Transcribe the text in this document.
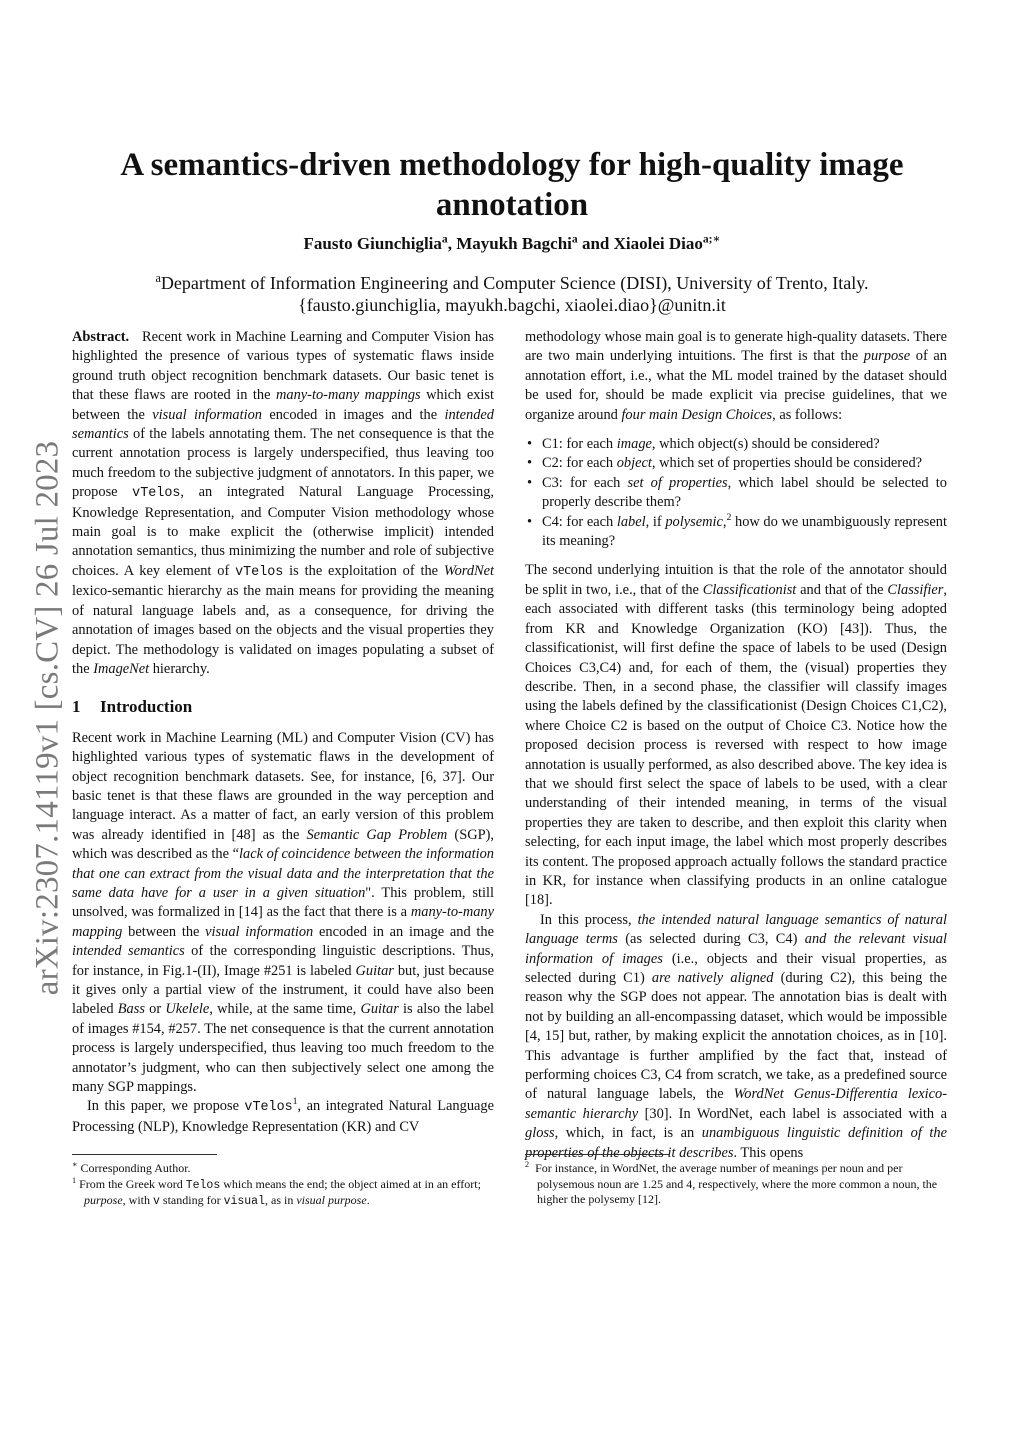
arXiv:2307.14119v1 [cs.CV] 26 Jul 2023
A semantics-driven methodology for high-quality image annotation
Fausto Giunchiglia$^a$, Mayukh Bagchi$^a$ and Xiaolei Diao$^{a;∗}$
$^a$Department of Information Engineering and Computer Science (DISI), University of Trento, Italy.
{fausto.giunchiglia, mayukh.bagchi, xiaolei.diao}@unitn.it

Abstract. Recent work in Machine Learning and Computer Vision has highlighted the presence of various types of systematic flaws inside ground truth object recognition benchmark datasets. Our basic tenet is that these flaws are rooted in the many-to-many mappings which exist between the visual information encoded in images and the intended semantics of the labels annotating them. The net consequence is that the current annotation process is largely underspecified, thus leaving too much freedom to the subjective judgment of annotators. In this paper, we propose vTelos, an integrated Natural Language Processing, Knowledge Representation, and Computer Vision methodology whose main goal is to make explicit the (otherwise implicit) intended annotation semantics, thus minimizing the number and role of subjective choices. A key element of vTelos is the exploitation of the WordNet lexico-semantic hierarchy as the main means for providing the meaning of natural language labels and, as a consequence, for driving the annotation of images based on the objects and the visual properties they depict. The methodology is validated on images populating a subset of the ImageNet hierarchy.

1 Introduction

Recent work in Machine Learning (ML) and Computer Vision (CV) has highlighted various types of systematic flaws in the development of object recognition benchmark datasets. See, for instance, [6, 37]. Our basic tenet is that these flaws are grounded in the way perception and language interact. As a matter of fact, an early version of this problem was already identified in [48] as the Semantic Gap Problem (SGP), which was described as the “lack of coincidence between the information that one can extract from the visual data and the interpretation that the same data have for a user in a given situation". This problem, still unsolved, was formalized in [14] as the fact that there is a many-to-many mapping between the visual information encoded in an image and the intended semantics of the corresponding linguistic descriptions. Thus, for instance, in Fig.1-(II), Image #251 is labeled Guitar but, just because it gives only a partial view of the instrument, it could have also been labeled Bass or Ukelele, while, at the same time, Guitar is also the label of images #154, #257. The net consequence is that the current annotation process is largely underspecified, thus leaving too much freedom to the annotator’s judgment, who can then subjectively select one among the many SGP mappings.

In this paper, we propose vTelos$^1$, an integrated Natural Language Processing (NLP), Knowledge Representation (KR) and CV

methodology whose main goal is to generate high-quality datasets. There are two main underlying intuitions. The first is that the purpose of an annotation effort, i.e., what the ML model trained by the dataset should be used for, should be made explicit via precise guidelines, that we organize around four main Design Choices, as follows:

• C1: for each image, which object(s) should be considered?
• C2: for each object, which set of properties should be considered?
• C3: for each set of properties, which label should be selected to properly describe them?
• C4: for each label, if polysemic,$^2$ how do we unambiguously represent its meaning?

The second underlying intuition is that the role of the annotator should be split in two, i.e., that of the Classificationist and that of the Classifier, each associated with different tasks (this terminology being adopted from KR and Knowledge Organization (KO) [43]). Thus, the classificationist, will first define the space of labels to be used (Design Choices C3,C4) and, for each of them, the (visual) properties they describe. Then, in a second phase, the classifier will classify images using the labels defined by the classificationist (Design Choices C1,C2), where Choice C2 is based on the output of Choice C3. Notice how the proposed decision process is reversed with respect to how image annotation is usually performed, as also described above. The key idea is that we should first select the space of labels to be used, with a clear understanding of their intended meaning, in terms of the visual properties they are taken to describe, and then exploit this clarity when selecting, for each input image, the label which most properly describes its content. The proposed approach actually follows the standard practice in KR, for instance when classifying products in an online catalogue [18].

In this process, the intended natural language semantics of natural language terms (as selected during C3, C4) and the relevant visual information of images (i.e., objects and their visual properties, as selected during C1) are natively aligned (during C2), this being the reason why the SGP does not appear. The annotation bias is dealt with not by building an all-encompassing dataset, which would be impossible [4, 15] but, rather, by making explicit the annotation choices, as in [10]. This advantage is further amplified by the fact that, instead of performing choices C3, C4 from scratch, we take, as a predefined source of natural language labels, the WordNet Genus-Differentia lexico-semantic hierarchy [30]. In WordNet, each label is associated with a gloss, which, in fact, is an unambiguous linguistic definition of the properties of the objects it describes. This opens

∗ Corresponding Author.
$^1$ From the Greek word Telos which means the end; the object aimed at in an effort; purpose, with v standing for visual, as in visual purpose.
$^2$ For instance, in WordNet, the average number of meanings per noun and per polysemous noun are 1.25 and 4, respectively, where the more common a noun, the higher the polysemy [12].
